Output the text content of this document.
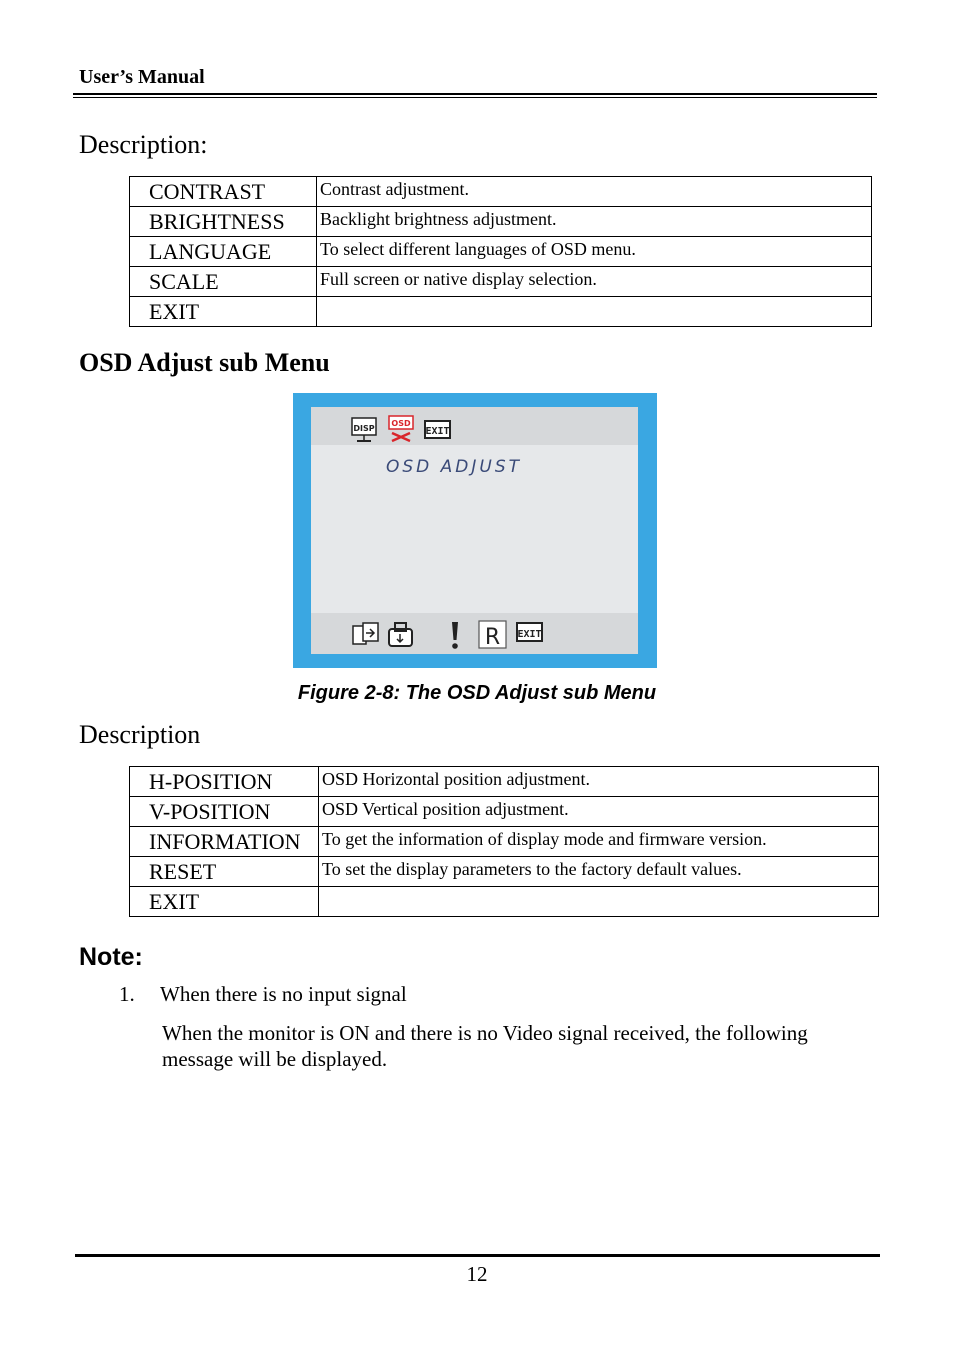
User’s Manual
Description:
CONTRAST	Contrast adjustment.
BRIGHTNESS	Backlight brightness adjustment.
LANGUAGE	To select different languages of OSD menu.
SCALE	Full screen or native display selection.
EXIT	
OSD Adjust sub Menu
DISP
OSD
EXIT
OSD ADJUST
R EXIT
Figure 2-8: The OSD Adjust sub Menu
Description
H-POSITION	OSD Horizontal position adjustment.
V-POSITION	OSD Vertical position adjustment.
INFORMATION	To get the information of display mode and firmware version.
RESET	To set the display parameters to the factory default values.
EXIT	
Note:
1. When there is no input signal
When the monitor is ON and there is no Video signal received, the following message will be displayed.
12
